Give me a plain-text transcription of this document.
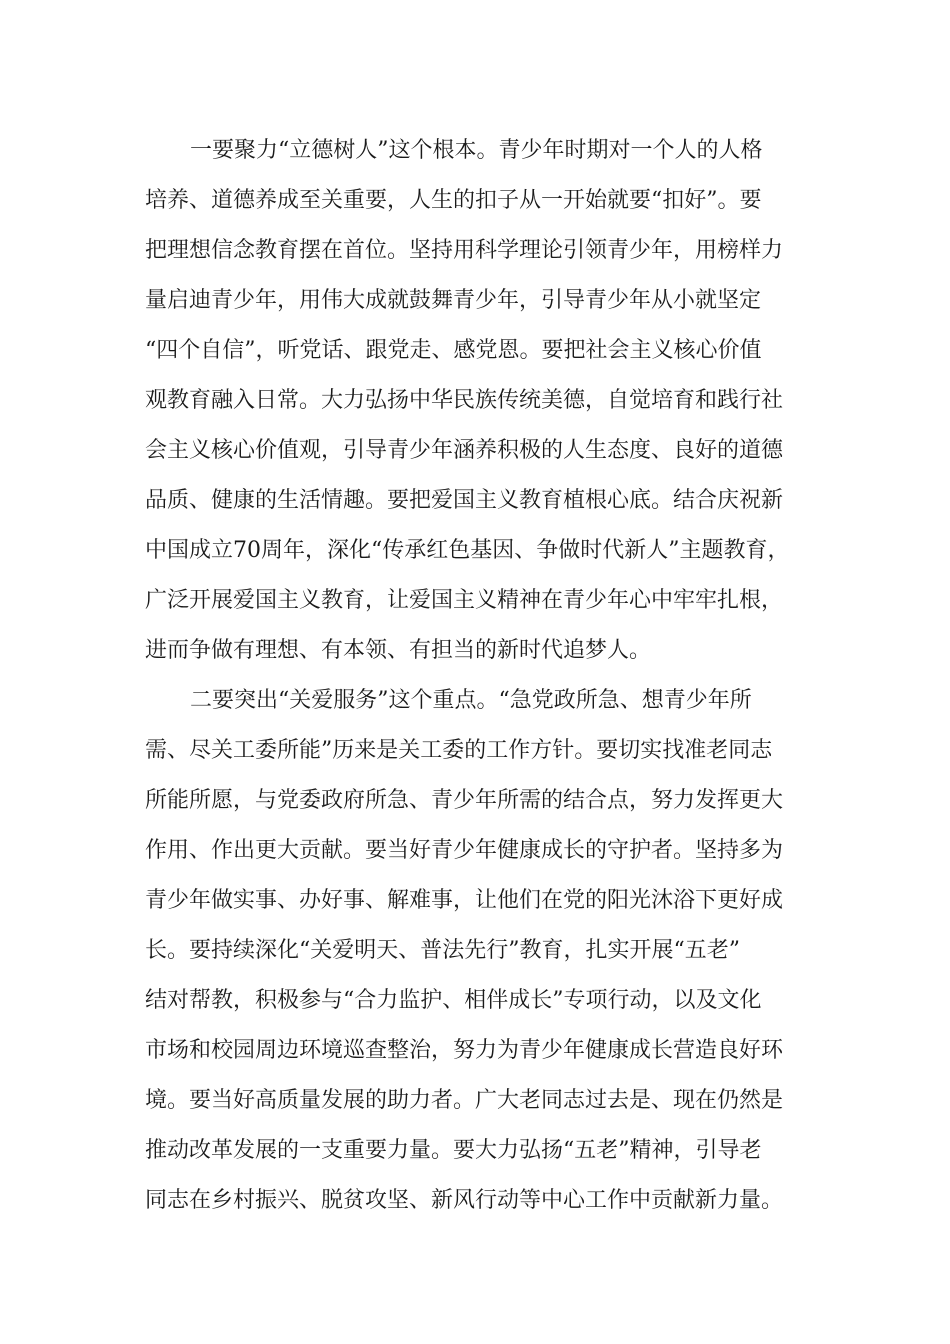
一要聚力“立德树人”这个根本。青少年时期对一个人的人格
培养、道德养成至关重要，人生的扣子从一开始就要“扣好”。要
把理想信念教育摆在首位。坚持用科学理论引领青少年，用榜样力
量启迪青少年，用伟大成就鼓舞青少年，引导青少年从小就坚定
“四个自信”，听党话、跟党走、感党恩。要把社会主义核心价值
观教育融入日常。大力弘扬中华民族传统美德，自觉培育和践行社
会主义核心价值观，引导青少年涵养积极的人生态度、良好的道德
品质、健康的生活情趣。要把爱国主义教育植根心底。结合庆祝新
中国成立70周年，深化“传承红色基因、争做时代新人”主题教育，
广泛开展爱国主义教育，让爱国主义精神在青少年心中牢牢扎根，
进而争做有理想、有本领、有担当的新时代追梦人。
二要突出“关爱服务”这个重点。“急党政所急、想青少年所
需、尽关工委所能”历来是关工委的工作方针。要切实找准老同志
所能所愿，与党委政府所急、青少年所需的结合点，努力发挥更大
作用、作出更大贡献。要当好青少年健康成长的守护者。坚持多为
青少年做实事、办好事、解难事，让他们在党的阳光沐浴下更好成
长。要持续深化“关爱明天、普法先行”教育，扎实开展“五老”
结对帮教，积极参与“合力监护、相伴成长”专项行动，以及文化
市场和校园周边环境巡查整治，努力为青少年健康成长营造良好环
境。要当好高质量发展的助力者。广大老同志过去是、现在仍然是
推动改革发展的一支重要力量。要大力弘扬“五老”精神，引导老
同志在乡村振兴、脱贫攻坚、新风行动等中心工作中贡献新力量。
